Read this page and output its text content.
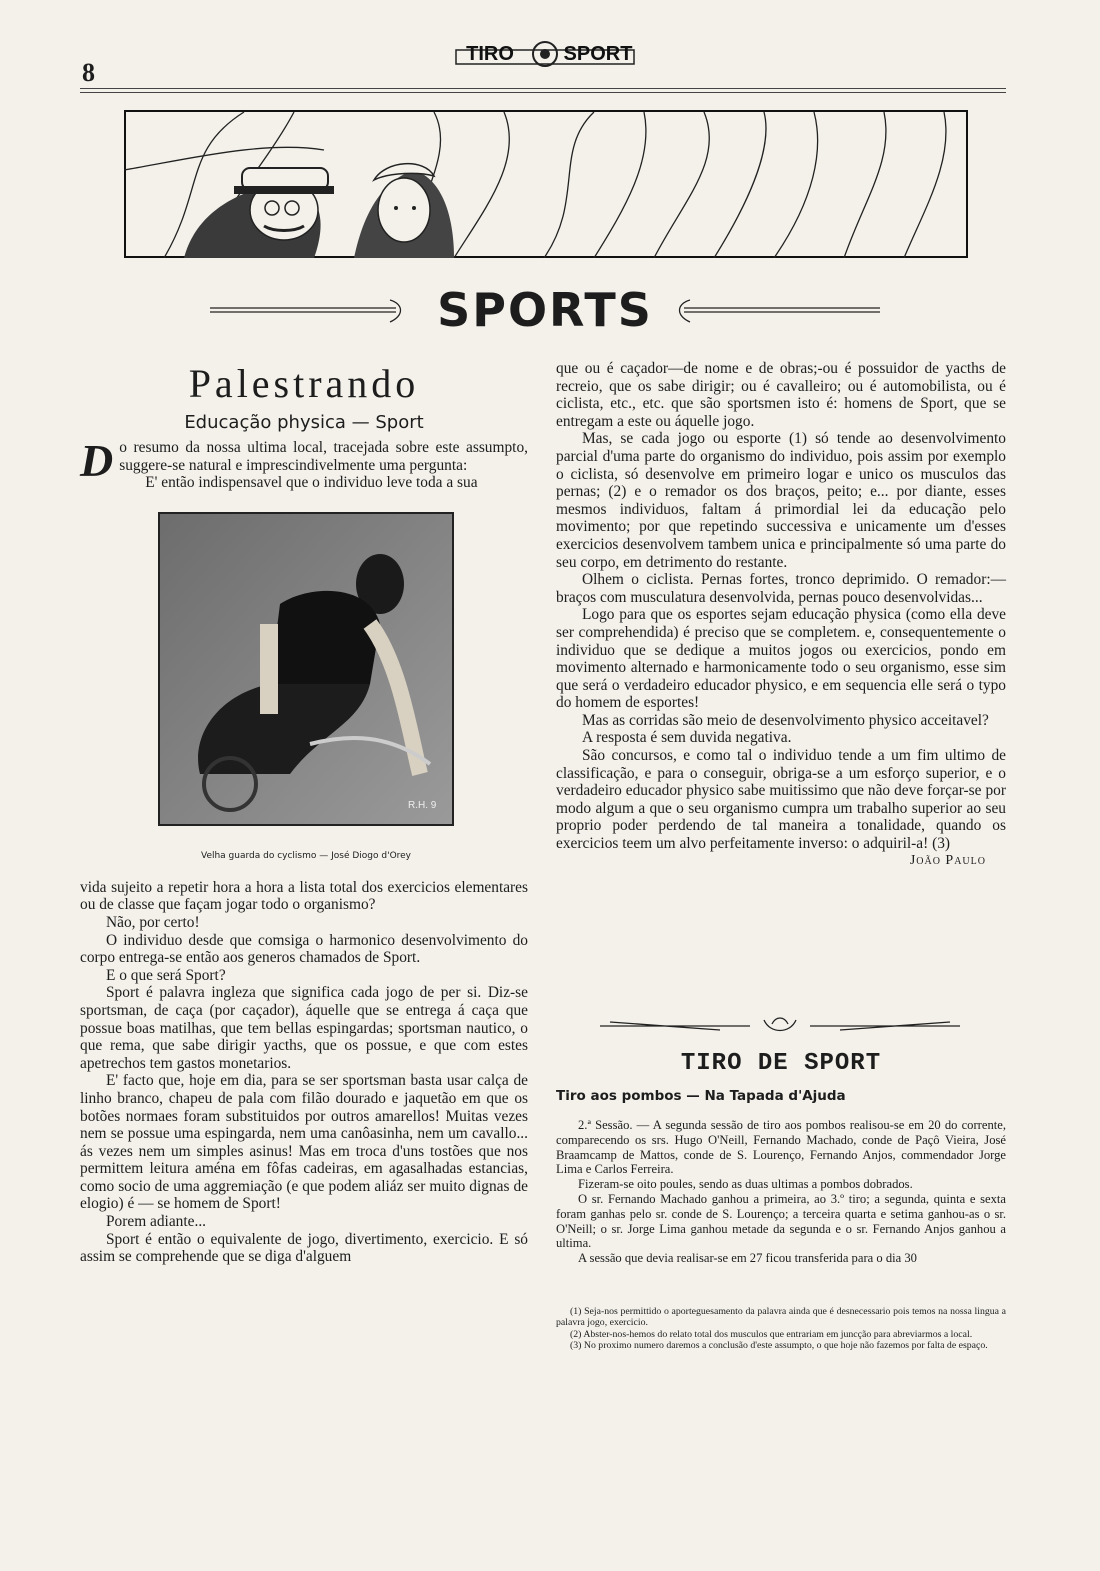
8
TIRO SPORT
SPORTS
Palestrando
Educação physica — Sport
D o resumo da nossa ultima local, tracejada sobre este assumpto, suggere-se natural e imprescindivelmente uma pergunta:

E' então indispensavel que o individuo leve toda a sua

R.H. 9
Velha guarda do cyclismo — José Diogo d'Orey

vida sujeito a repetir hora a hora a lista total dos exercicios elementares ou de classe que façam jogar todo o organismo?

Não, por certo!

O individuo desde que comsiga o harmonico desenvolvimento do corpo entrega-se então aos generos chamados de Sport.

E o que será Sport?

Sport é palavra ingleza que significa cada jogo de per si. Diz-se sportsman, de caça (por caçador), áquelle que se entrega á caça que possue boas matilhas, que tem bellas espingardas; sportsman nautico, o que rema, que sabe dirigir yacths, que os possue, e que com estes apetrechos tem gastos monetarios.

E' facto que, hoje em dia, para se ser sportsman basta usar calça de linho branco, chapeu de pala com filão dourado e jaquetão em que os botões normaes foram substituidos por outros amarellos! Muitas vezes nem se possue uma espingarda, nem uma canôasinha, nem um cavallo... ás vezes nem um simples asinus! Mas em troca d'uns tostões que nos permittem leitura aména em fôfas cadeiras, em agasalhadas estancias, como socio de uma aggremiação (e que podem aliáz ser muito dignas de elogio) é — se homem de Sport!

Porem adiante...

Sport é então o equivalente de jogo, divertimento, exercicio. E só assim se comprehende que se diga d'alguem

que ou é caçador—de nome e de obras;-ou é possuidor de yacths de recreio, que os sabe dirigir; ou é cavalleiro; ou é automobilista, ou é ciclista, etc., etc. que são sportsmen isto é: homens de Sport, que se entregam a este ou áquelle jogo.

Mas, se cada jogo ou esporte (1) só tende ao desenvolvimento parcial d'uma parte do organismo do individuo, pois assim por exemplo o ciclista, só desenvolve em primeiro logar e unico os musculos das pernas; (2) e o remador os dos braços, peito; e... por diante, esses mesmos individuos, faltam á primordial lei da educação pelo movimento; por que repetindo successiva e unicamente um d'esses exercicios desenvolvem tambem unica e principalmente só uma parte do seu corpo, em detrimento do restante.

Olhem o ciclista. Pernas fortes, tronco deprimido. O remador:—braços com musculatura desenvolvida, pernas pouco desenvolvidas...

Logo para que os esportes sejam educação physica (como ella deve ser comprehendida) é preciso que se completem. e, consequentemente o individuo que se dedique a muitos jogos ou exercicios, pondo em movimento alternado e harmonicamente todo o seu organismo, esse sim que será o verdadeiro educador physico, e em sequencia elle será o typo do homem de esportes!

Mas as corridas são meio de desenvolvimento physico acceitavel?

A resposta é sem duvida negativa.

São concursos, e como tal o individuo tende a um fim ultimo de classificação, e para o conseguir, obriga-se a um esforço superior, e o verdadeiro educador physico sabe muitissimo que não deve forçar-se por modo algum a que o seu organismo cumpra um trabalho superior ao seu proprio poder perdendo de tal maneira a tonalidade, quando os exercicios teem um alvo perfeitamente inverso: o adquiril-a! (3)

João Paulo
TIRO DE SPORT
Tiro aos pombos — Na Tapada d'Ajuda

2.ª Sessão. — A segunda sessão de tiro aos pombos realisou-se em 20 do corrente, comparecendo os srs. Hugo O'Neill, Fernando Machado, conde de Paçô Vieira, José Braamcamp de Mattos, conde de S. Lourenço, Fernando Anjos, commendador Jorge Lima e Carlos Ferreira.

Fizeram-se oito poules, sendo as duas ultimas a pombos dobrados.

O sr. Fernando Machado ganhou a primeira, ao 3.º tiro; a segunda, quinta e sexta foram ganhas pelo sr. conde de S. Lourenço; a terceira quarta e setima ganhou-as o sr. O'Neill; o sr. Jorge Lima ganhou metade da segunda e o sr. Fernando Anjos ganhou a ultima.

A sessão que devia realisar-se em 27 ficou transferida para o dia 30

(1) Seja-nos permittido o aporteguesamento da palavra ainda que é desnecessario pois temos na nossa lingua a palavra jogo, exercicio.

(2) Abster-nos-hemos do relato total dos musculos que entrariam em juncção para abreviarmos a local.

(3) No proximo numero daremos a conclusão d'este assumpto, o que hoje não fazemos por falta de espaço.
